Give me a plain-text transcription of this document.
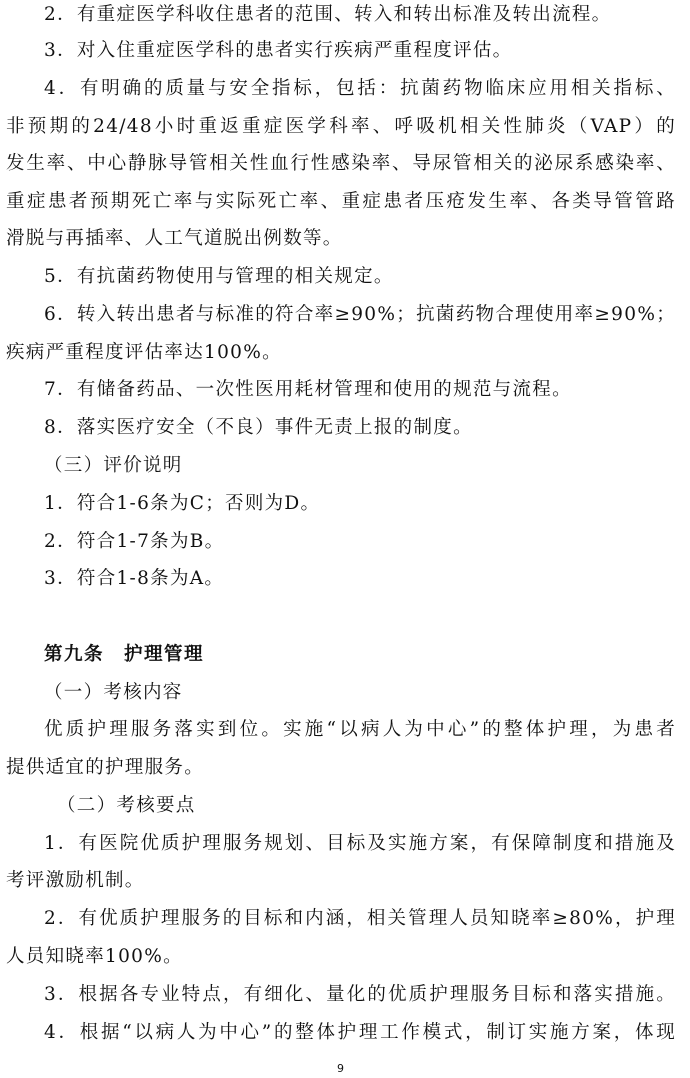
2．有重症医学科收住患者的范围、转入和转出标准及转出流程。
3．对入住重症医学科的患者实行疾病严重程度评估。
4．有明确的质量与安全指标，包括：抗菌药物临床应用相关指标、
非预期的24/48小时重返重症医学科率、呼吸机相关性肺炎（VAP）的
发生率、中心静脉导管相关性血行性感染率、导尿管相关的泌尿系感染率、
重症患者预期死亡率与实际死亡率、重症患者压疮发生率、各类导管管路
滑脱与再插率、人工气道脱出例数等。
5．有抗菌药物使用与管理的相关规定。
6．转入转出患者与标准的符合率≥90%；抗菌药物合理使用率≥90%；
疾病严重程度评估率达100%。
7．有储备药品、一次性医用耗材管理和使用的规范与流程。
8．落实医疗安全（不良）事件无责上报的制度。
（三）评价说明
1．符合1-6条为C；否则为D。
2．符合1-7条为B。
3．符合1-8条为A。
第九条　护理管理
（一）考核内容
优质护理服务落实到位。实施“以病人为中心”的整体护理，为患者
提供适宜的护理服务。
（二）考核要点
1．有医院优质护理服务规划、目标及实施方案，有保障制度和措施及
考评激励机制。
2．有优质护理服务的目标和内涵，相关管理人员知晓率≥80%，护理
人员知晓率100%。
3．根据各专业特点，有细化、量化的优质护理服务目标和落实措施。
4．根据“以病人为中心”的整体护理工作模式，制订实施方案，体现
9
